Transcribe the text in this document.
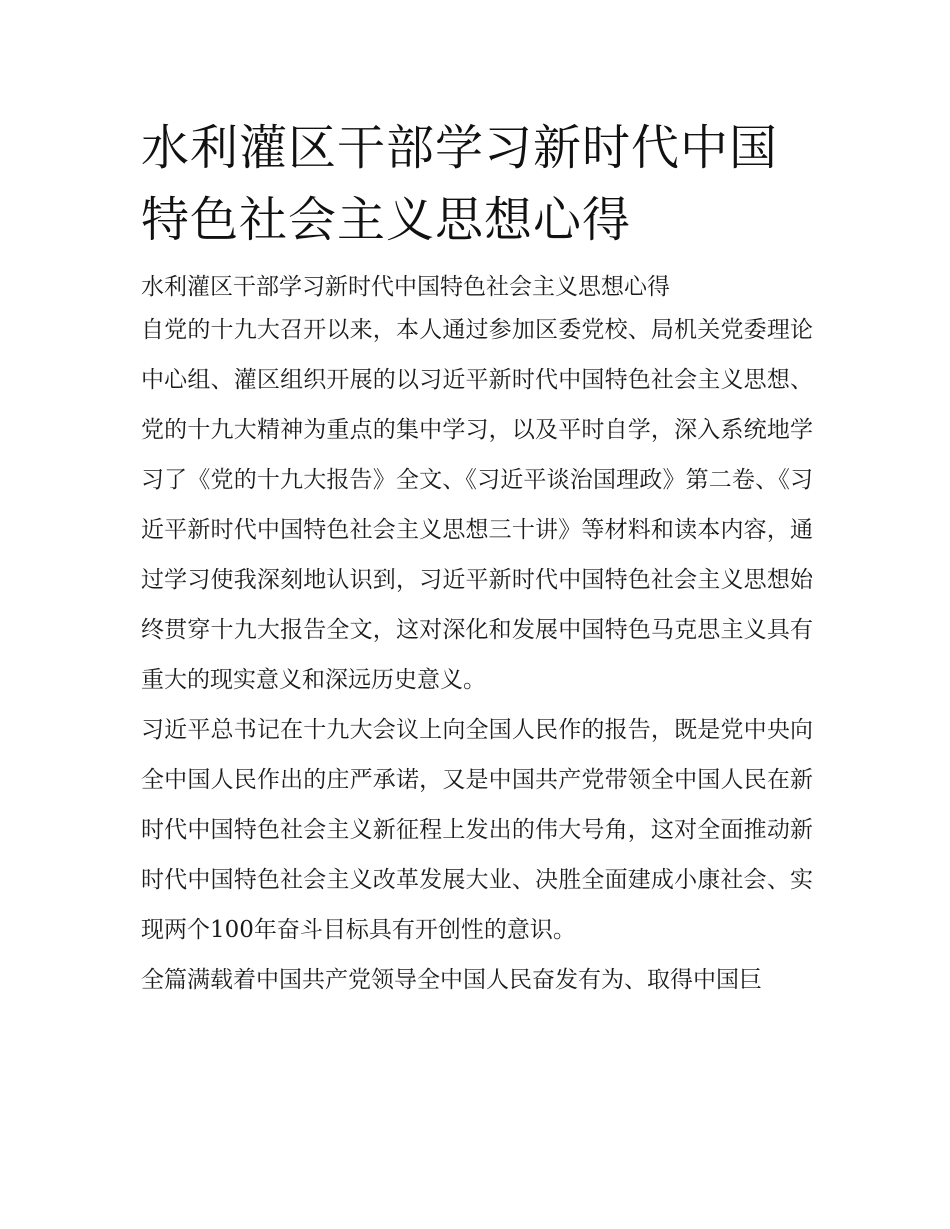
水利灌区干部学习新时代中国特色社会主义思想心得

水利灌区干部学习新时代中国特色社会主义思想心得

自党的十九大召开以来，本人通过参加区委党校、局机关党委理论中心组、灌区组织开展的以习近平新时代中国特色社会主义思想、党的十九大精神为重点的集中学习，以及平时自学，深入系统地学习了《党的十九大报告》全文、《习近平谈治国理政》第二卷、《习近平新时代中国特色社会主义思想三十讲》等材料和读本内容，通过学习使我深刻地认识到，习近平新时代中国特色社会主义思想始终贯穿十九大报告全文，这对深化和发展中国特色马克思主义具有重大的现实意义和深远历史意义。

习近平总书记在十九大会议上向全国人民作的报告，既是党中央向全中国人民作出的庄严承诺，又是中国共产党带领全中国人民在新时代中国特色社会主义新征程上发出的伟大号角，这对全面推动新时代中国特色社会主义改革发展大业、决胜全面建成小康社会、实现两个100年奋斗目标具有开创性的意识。

全篇满载着中国共产党领导全中国人民奋发有为、取得中国巨
